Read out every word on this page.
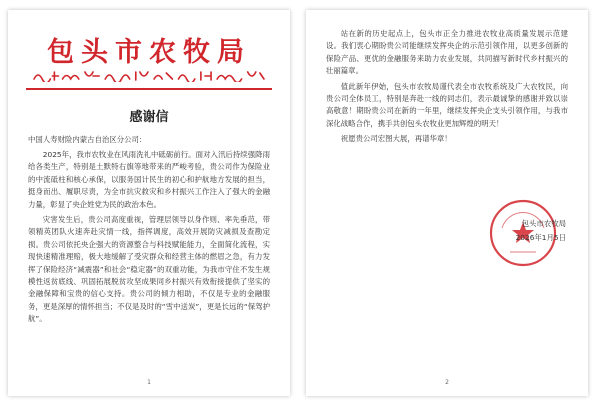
包头市农牧局
感谢信
中国人寿财险内蒙古自治区分公司：

2025年，我市农牧业在风雨洗礼中砥砺前行。面对入汛后持续强降雨给各类生产，特别是土默特右旗等地带来的严峻考验，贵公司作为保险业的中流砥柱和核心承保，以服务国计民生的初心和护航地方发展的担当，挺身而出、履职尽责，为全市抗灾救灾和乡村振兴工作注入了强大的金融力量，彰显了央企姓党为民的政治本色。

灾害发生后，贵公司高度重视，管理层领导以身作则、率先垂范，带领精英团队火速奔赴灾情一线，指挥调度，高效开展防灾减损及查勘定损。贵公司依托央企强大的资源整合与科技赋能能力，全面简化流程，实现快速精准理赔，极大地缓解了受灾群众和经营主体的燃眉之急，有力发挥了保险经济“减震器”和社会“稳定器”的双重功能，为我市守住不发生规模性返贫底线、巩固拓展脱贫攻坚成果同乡村振兴有效衔接提供了坚实的金融保障和宝贵的信心支持。贵公司的倾力相助，不仅是专业的金融服务，更是深厚的情怀担当；不仅是及时的“雪中送炭”，更是长远的“保驾护航”。

1

站在新的历史起点上，包头市正全力推进农牧业高质量发展示范建设。我们衷心期盼贵公司能继续发挥央企的示范引领作用，以更多创新的保险产品、更优的金融服务来助力农业发展，共同描写新时代乡村振兴的壮丽篇章。

值此新年伊始，包头市农牧局谨代表全市农牧系统及广大农牧民，向贵公司全体员工，特别是奔赴一线的同志们，表示最诚挚的感谢并致以崇高敬意！期盼贵公司在新的一年里，继续发挥央企支头引领作用，与我市深化战略合作，携手共创包头农牧业更加辉煌的明天！

祝愿贵公司宏图大展，再谱华章！
包头市农牧局
2026年1月5日
2
